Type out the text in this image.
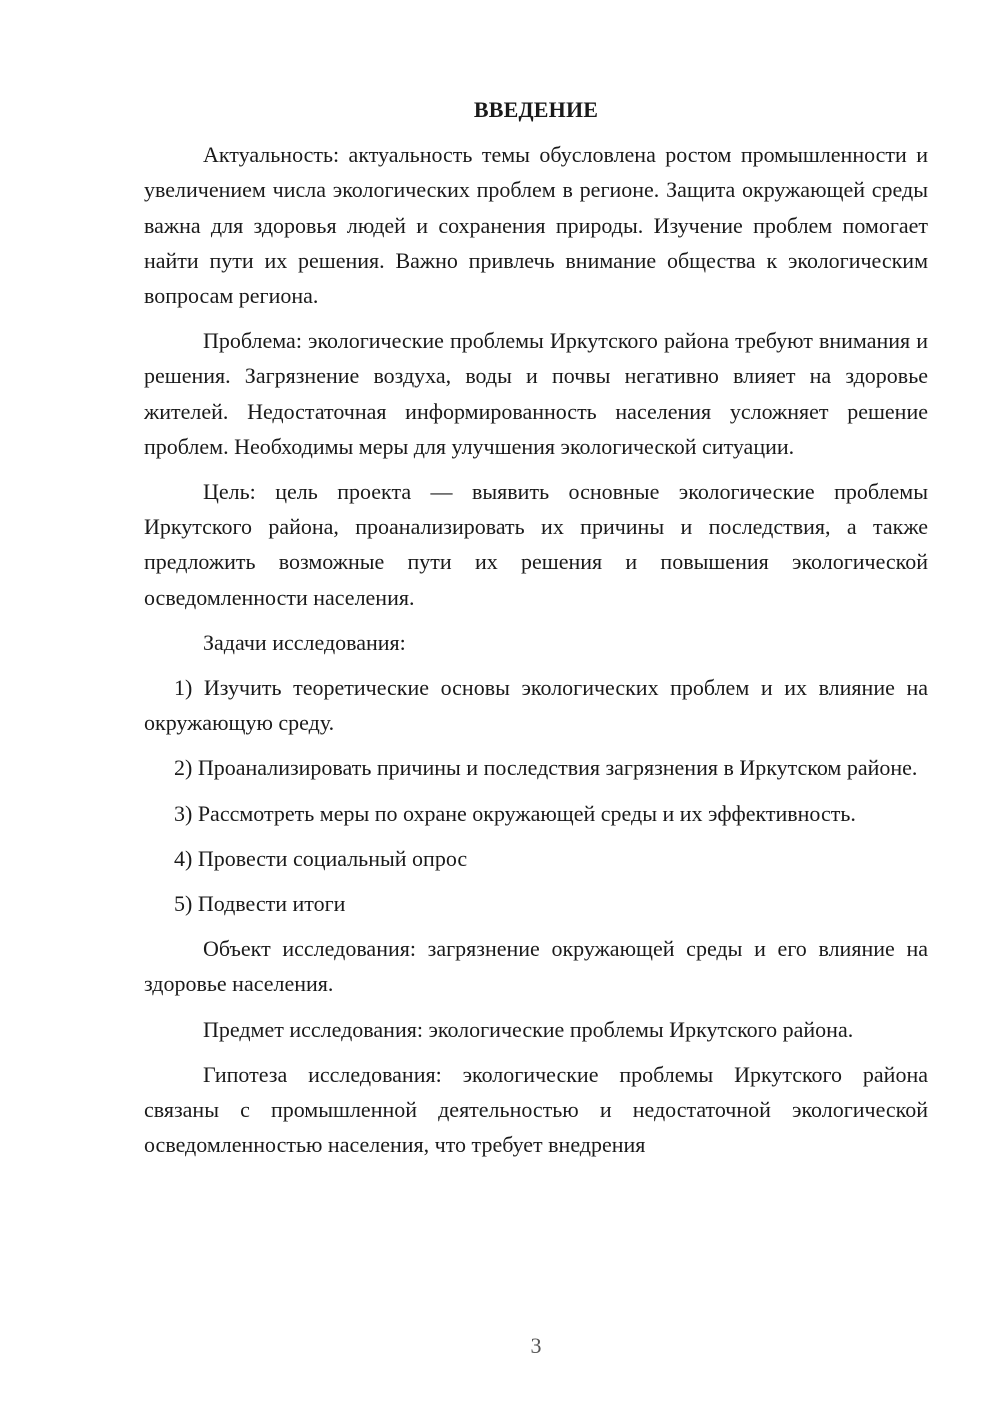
ВВЕДЕНИЕ

Актуальность: актуальность темы обусловлена ростом промышленности и увеличением числа экологических проблем в регионе. Защита окружающей среды важна для здоровья людей и сохранения природы. Изучение проблем помогает найти пути их решения. Важно привлечь внимание общества к экологическим вопросам региона.

Проблема: экологические проблемы Иркутского района требуют внимания и решения. Загрязнение воздуха, воды и почвы негативно влияет на здоровье жителей. Недостаточная информированность населения усложняет решение проблем. Необходимы меры для улучшения экологической ситуации.

Цель: цель проекта — выявить основные экологические проблемы Иркутского района, проанализировать их причины и последствия, а также предложить возможные пути их решения и повышения экологической осведомленности населения.

Задачи исследования:

1) Изучить теоретические основы экологических проблем и их влияние на окружающую среду.

2) Проанализировать причины и последствия загрязнения в Иркутском районе.

3) Рассмотреть меры по охране окружающей среды и их эффективность.

4) Провести социальный опрос

5) Подвести итоги

Объект исследования: загрязнение окружающей среды и его влияние на здоровье населения.

Предмет исследования: экологические проблемы Иркутского района.

Гипотеза исследования: экологические проблемы Иркутского района связаны с промышленной деятельностью и недостаточной экологической осведомленностью населения, что требует внедрения

3
